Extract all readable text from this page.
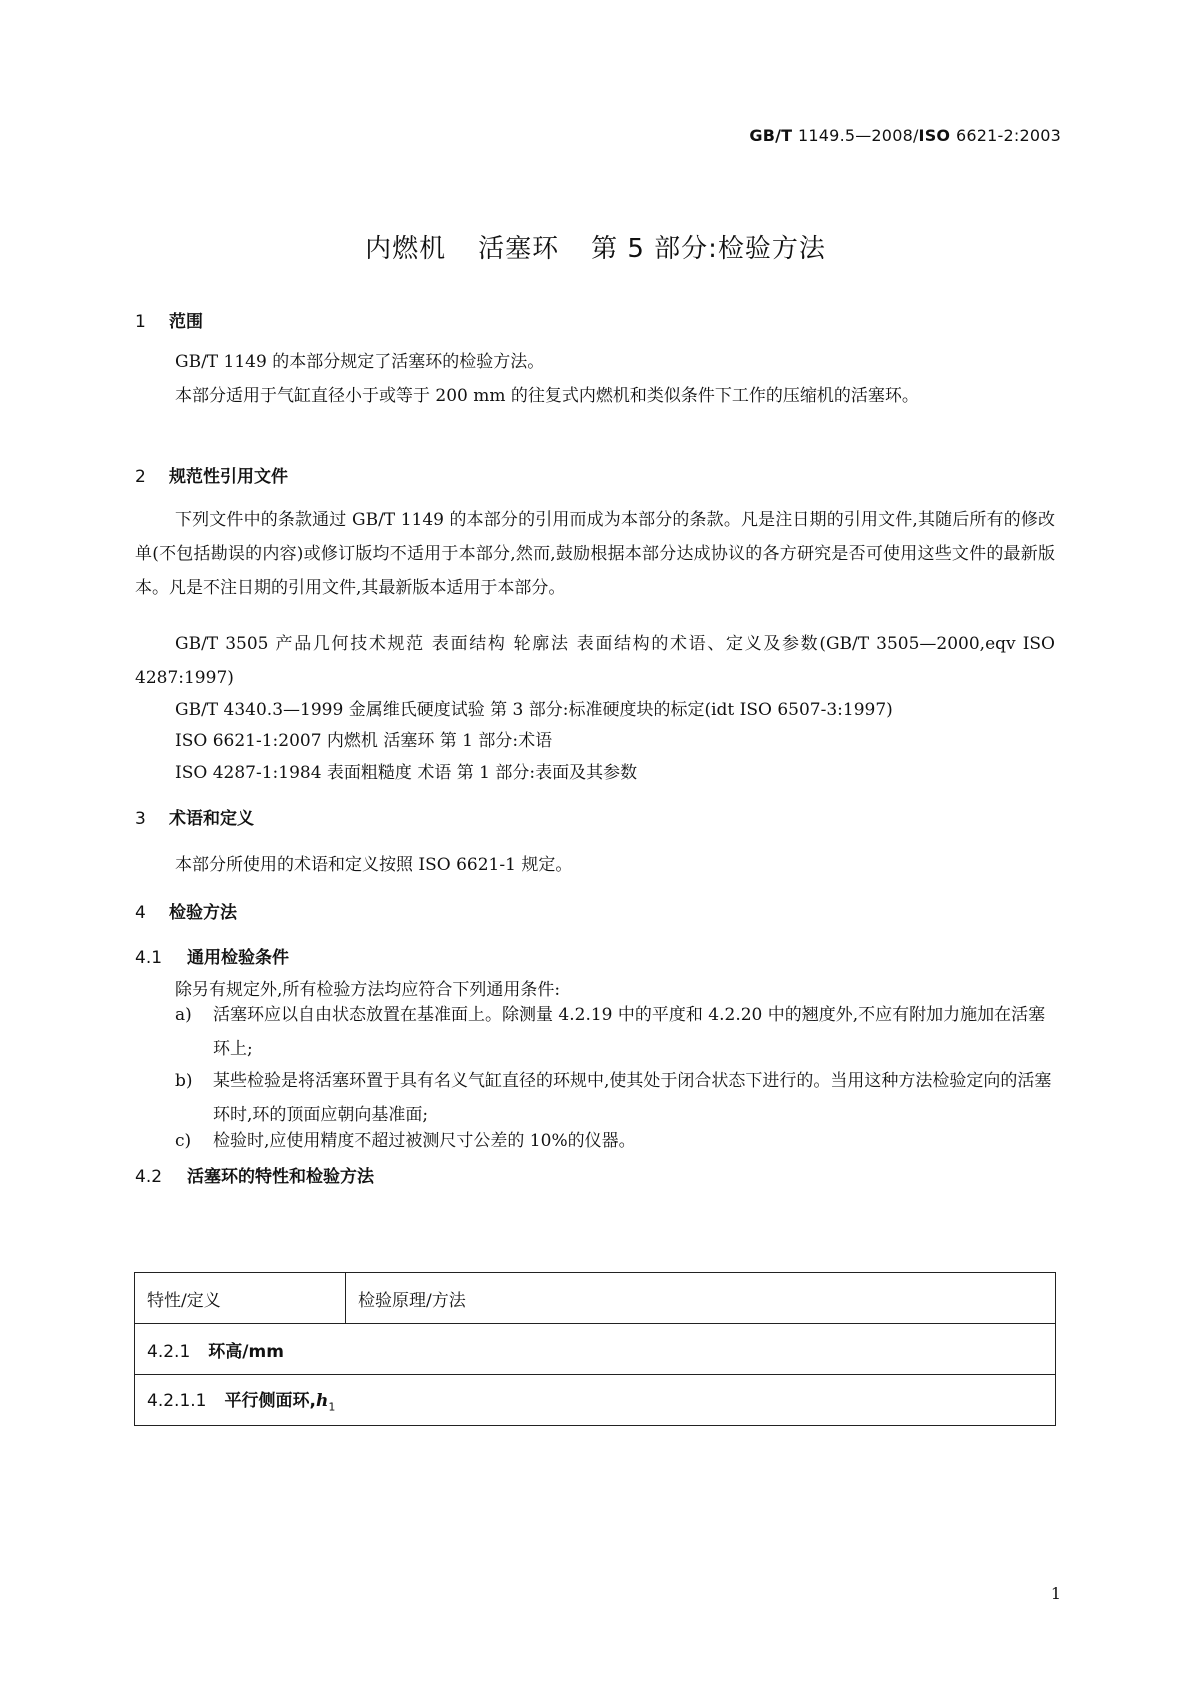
GB/T 1149.5—2008/ISO 6621-2:2003
内燃机 活塞环 第 5 部分:检验方法
1 范围
GB/T 1149 的本部分规定了活塞环的检验方法。
本部分适用于气缸直径小于或等于 200 mm 的往复式内燃机和类似条件下工作的压缩机的活塞环。
2 规范性引用文件
下列文件中的条款通过 GB/T 1149 的本部分的引用而成为本部分的条款。凡是注日期的引用文件,其随后所有的修改单(不包括勘误的内容)或修订版均不适用于本部分,然而,鼓励根据本部分达成协议的各方研究是否可使用这些文件的最新版本。凡是不注日期的引用文件,其最新版本适用于本部分。
GB/T 3505 产品几何技术规范 表面结构 轮廓法 表面结构的术语、定义及参数(GB/T 3505—2000,eqv ISO 4287:1997)
GB/T 4340.3—1999 金属维氏硬度试验 第 3 部分:标准硬度块的标定(idt ISO 6507-3:1997)
ISO 6621-1:2007 内燃机 活塞环 第 1 部分:术语
ISO 4287-1:1984 表面粗糙度 术语 第 1 部分:表面及其参数
3 术语和定义
本部分所使用的术语和定义按照 ISO 6621-1 规定。
4 检验方法
4.1 通用检验条件
除另有规定外,所有检验方法均应符合下列通用条件:
a)	活塞环应以自由状态放置在基准面上。除测量 4.2.19 中的平度和 4.2.20 中的翘度外,不应有附加力施加在活塞环上;
b)	某些检验是将活塞环置于具有名义气缸直径的环规中,使其处于闭合状态下进行的。当用这种方法检验定向的活塞环时,环的顶面应朝向基准面;
c)	检验时,应使用精度不超过被测尺寸公差的 10%的仪器。
4.2 活塞环的特性和检验方法
特性/定义	检验原理/方法
4.2.1 环高/mm
4.2.1.1 平行侧面环$,h_1$
1
